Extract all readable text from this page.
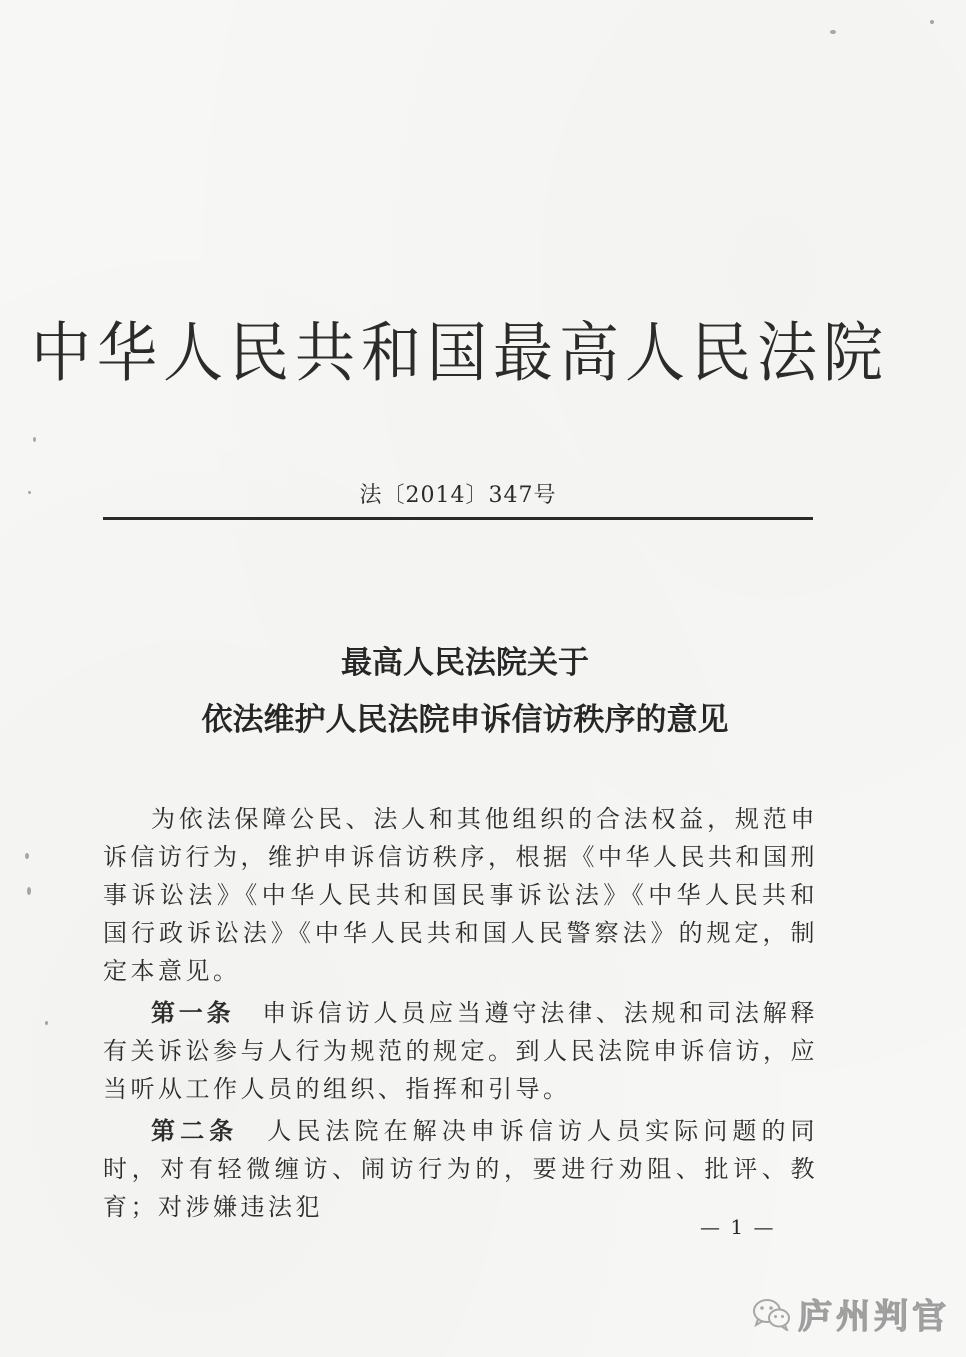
中华人民共和国最高人民法院
法〔2014〕347号
最高人民法院关于
依法维护人民法院申诉信访秩序的意见

为依法保障公民、法人和其他组织的合法权益，规范申诉信访行为，维护申诉信访秩序，根据《中华人民共和国刑事诉讼法》《中华人民共和国民事诉讼法》《中华人民共和国行政诉讼法》《中华人民共和国人民警察法》的规定，制定本意见。

第一条　 申诉信访人员应当遵守法律、法规和司法解释有关诉讼参与人行为规范的规定。到人民法院申诉信访，应当听从工作人员的组织、指挥和引导。

第二条　 人民法院在解决申诉信访人员实际问题的同时，对有轻微缠访、闹访行为的，要进行劝阻、批评、教育；对涉嫌违法犯

— 1 —
庐州判官
